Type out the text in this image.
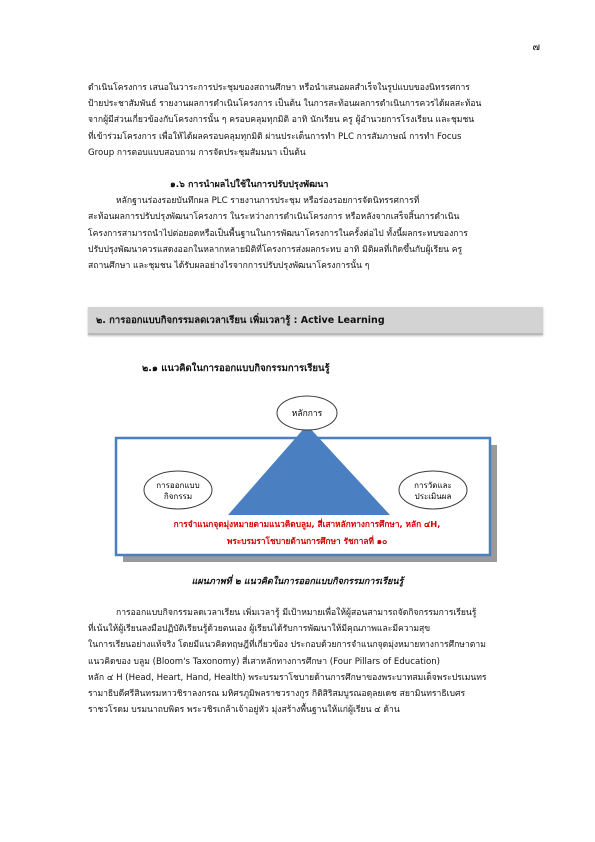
๗
ดำเนินโครงการ เสนอในวาระการประชุมของสถานศึกษา หรือนำเสนอผลสำเร็จในรูปแบบของนิทรรศการ
ป้ายประชาสัมพันธ์ รายงานผลการดำเนินโครงการ เป็นต้น ในการสะท้อนผลการดำเนินการควรได้ผลสะท้อน
จากผู้มีส่วนเกี่ยวข้องกับโครงการนั้น ๆ ครอบคลุมทุกมิติ อาทิ นักเรียน ครู ผู้อำนวยการโรงเรียน และชุมชน
ที่เข้าร่วมโครงการ เพื่อให้ได้ผลครอบคลุมทุกมิติ ผ่านประเด็นการทำ PLC การสัมภาษณ์ การทำ Focus
Group การตอบแบบสอบถาม การจัดประชุมสัมมนา เป็นต้น
๑.๖ การนำผลไปใช้ในการปรับปรุงพัฒนา
หลักฐานร่องรอยบันทึกผล PLC รายงานการประชุม หรือร่องรอยการจัดนิทรรศการที่
สะท้อนผลการปรับปรุงพัฒนาโครงการ ในระหว่างการดำเนินโครงการ หรือหลังจากเสร็จสิ้นการดำเนิน
โครงการสามารถนำไปต่อยอดหรือเป็นพื้นฐานในการพัฒนาโครงการในครั้งต่อไป ทั้งนี้ผลกระทบของการ
ปรับปรุงพัฒนาควรแสดงออกในหลากหลายมิติที่โครงการส่งผลกระทบ อาทิ มิติผลที่เกิดขึ้นกับผู้เรียน ครู
สถานศึกษา และชุมชน ได้รับผลอย่างไรจากการปรับปรุงพัฒนาโครงการนั้น ๆ
๒. การออกแบบกิจกรรมลดเวลาเรียน เพิ่มเวลารู้ : Active Learning
๒.๑ แนวคิดในการออกแบบกิจกรรมการเรียนรู้
หลักการ
การออกแบบ
กิจกรรม
การวัดและ
ประเมินผล
การจำแนกจุดมุ่งหมายตามแนวคิดบลูม, สี่เสาหลักทางการศึกษา, หลัก ๔H,
พระบรมราโชบายด้านการศึกษา รัชกาลที่ ๑๐
แผนภาพที่ ๒ แนวคิดในการออกแบบกิจกรรมการเรียนรู้
การออกแบบกิจกรรมลดเวลาเรียน เพิ่มเวลารู้ มีเป้าหมายเพื่อให้ผู้สอนสามารถจัดกิจกรรมการเรียนรู้
ที่เน้นให้ผู้เรียนลงมือปฏิบัติเรียนรู้ด้วยตนเอง ผู้เรียนได้รับการพัฒนาให้มีคุณภาพและมีความสุข
ในการเรียนอย่างแท้จริง โดยมีแนวคิดทฤษฎีที่เกี่ยวข้อง ประกอบด้วยการจำแนกจุดมุ่งหมายทางการศึกษาตาม
แนวคิดของ บลูม (Bloom's Taxonomy) สี่เสาหลักทางการศึกษา (Four Pillars of Education)
หลัก ๔ H (Head, Heart, Hand, Health) พระบรมราโชบายด้านการศึกษาของพระบาทสมเด็จพระปรเมนทร
รามาธิบดีศรีสินทรมหาวชิราลงกรณ มหิศรภูมิพลราชวรางกูร กิติสิริสมบูรณอดุลยเดช สยามินทราธิเบศร
ราชวโรดม บรมนาถบพิตร พระวชิรเกล้าเจ้าอยู่หัว มุ่งสร้างพื้นฐานให้แก่ผู้เรียน ๔ ด้าน
